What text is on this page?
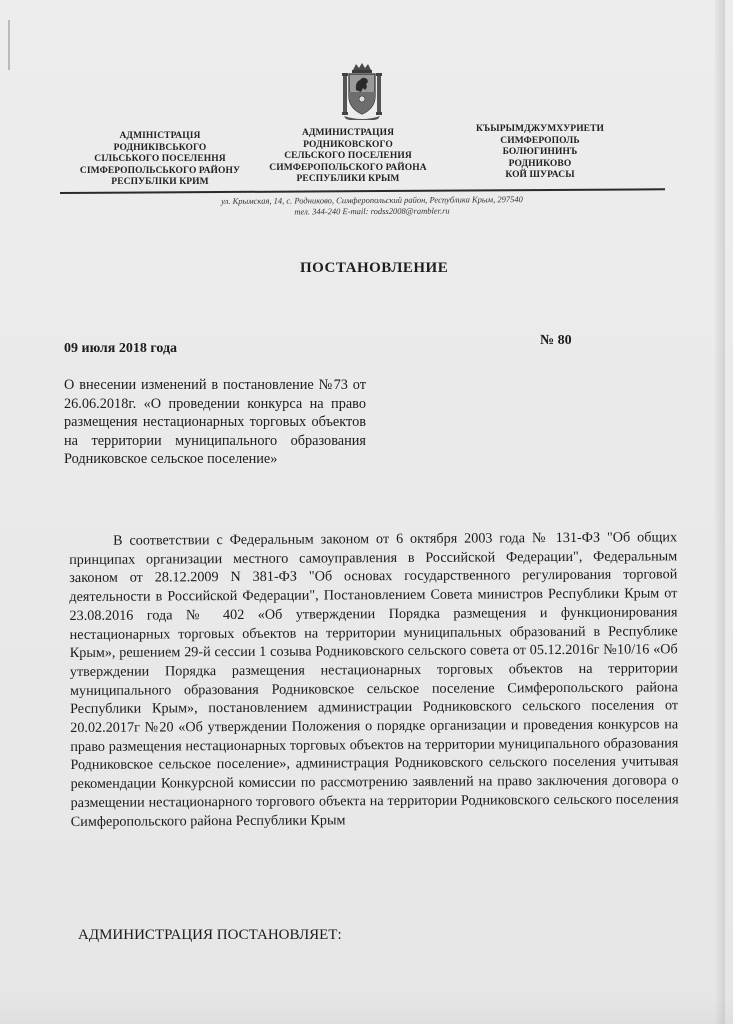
АДМІНІСТРАЦІЯ
РОДНИКІВСЬКОГО
СІЛЬСЬКОГО ПОСЕЛЕННЯ
СІМФЕРОПОЛЬСЬКОГО РАЙОНУ
РЕСПУБЛІКИ КРИМ
АДМИНИСТРАЦИЯ
РОДНИКОВСКОГО
СЕЛЬСКОГО ПОСЕЛЕНИЯ
СИМФЕРОПОЛЬСКОГО РАЙОНА
РЕСПУБЛИКИ КРЫМ
КЪЫРЫМДЖУМХУРИЕТИ
СИМФЕРОПОЛЬ
БОЛЮГИНИНЪ
РОДНИКОВО
КОЙ ШУРАСЫ
ул. Крымская, 14, с. Родниково, Симферопольский район, Республика Крым, 297540
тел. 344-240 E-mail: rodss2008@rambler.ru
ПОСТАНОВЛЕНИЕ
09 июля 2018 года
№ 80
О внесении изменений в постановление №73 от 26.06.2018г. «О проведении конкурса на право размещения нестационарных торговых объектов на территории муниципального образования Родниковское сельское поселение»
В соответствии с Федеральным законом от 6 октября 2003 года № 131-ФЗ "Об общих принципах организации местного самоуправления в Российской Федерации", Федеральным законом от 28.12.2009 N 381-ФЗ "Об основах государственного регулирования торговой деятельности в Российской Федерации", Постановлением Совета министров Республики Крым от 23.08.2016 года № 402 «Об утверждении Порядка размещения и функционирования нестационарных торговых объектов на территории муниципальных образований в Республике Крым», решением 29-й сессии 1 созыва Родниковского сельского совета от 05.12.2016г №10/16 «Об утверждении Порядка размещения нестационарных торговых объектов на территории муниципального образования Родниковское сельское поселение Симферопольского района Республики Крым», постановлением администрации Родниковского сельского поселения от 20.02.2017г №20 «Об утверждении Положения о порядке организации и проведения конкурсов на право размещения нестационарных торговых объектов на территории муниципального образования Родниковское сельское поселение», администрация Родниковского сельского поселения учитывая рекомендации Конкурсной комиссии по рассмотрению заявлений на право заключения договора о размещении нестационарного торгового объекта на территории Родниковского сельского поселения Симферопольского района Республики Крым
АДМИНИСТРАЦИЯ ПОСТАНОВЛЯЕТ:
